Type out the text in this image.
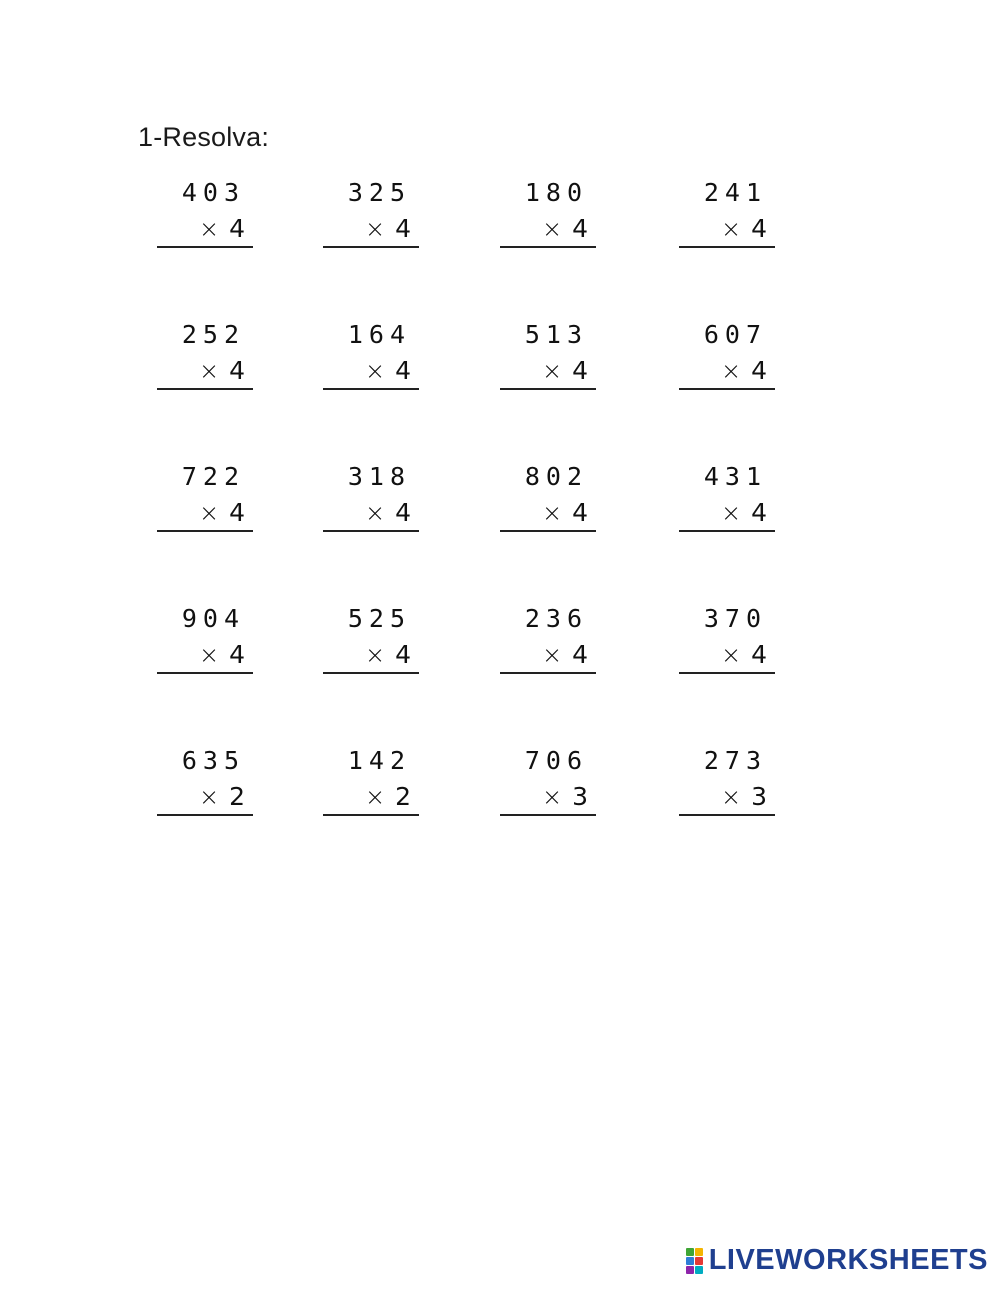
1-Resolva:
403
× 4
325
× 4
180
× 4
241
× 4
252
× 4
164
× 4
513
× 4
607
× 4
722
× 4
318
× 4
802
× 4
431
× 4
904
× 4
525
× 4
236
× 4
370
× 4
635
× 2
142
× 2
706
× 3
273
× 3
LIVEWORKSHEETS
